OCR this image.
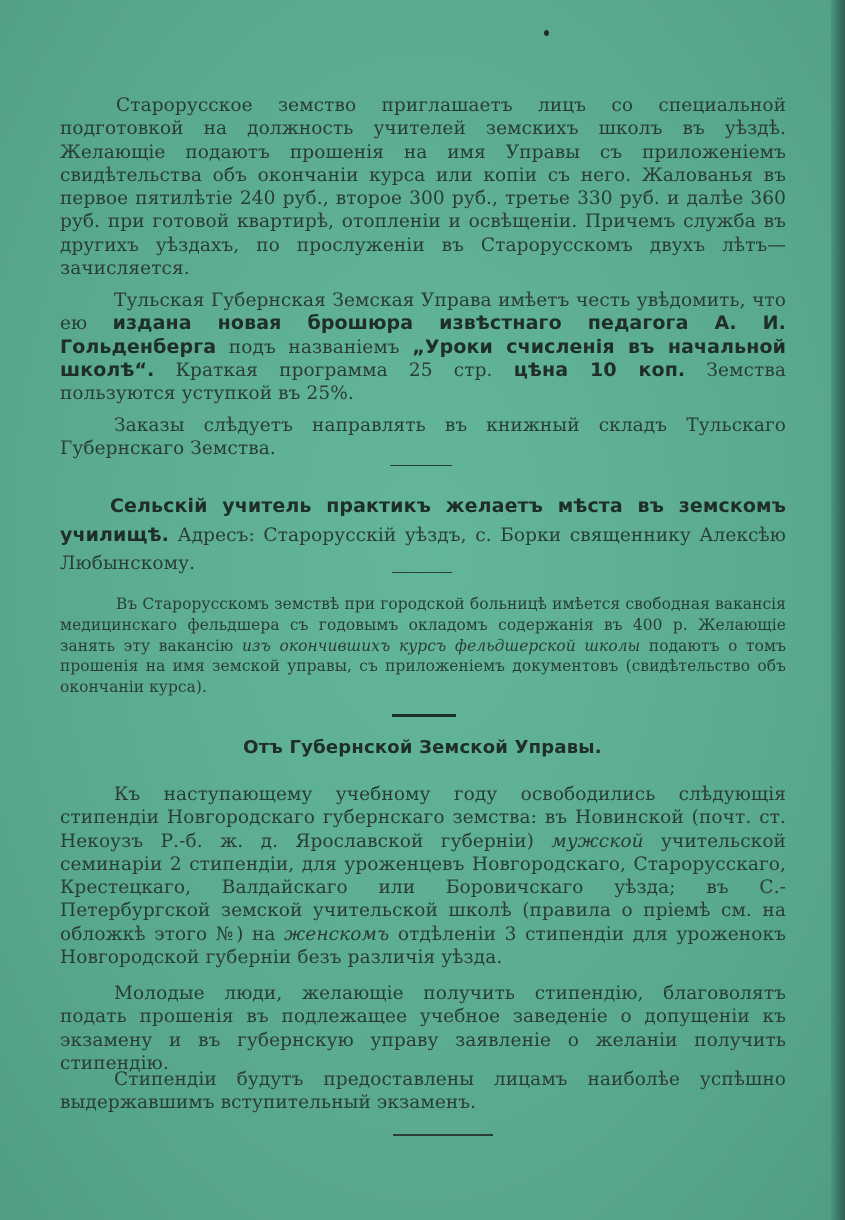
Старорусское земство приглашаетъ лицъ со специальной подготовкой на должность учителей земскихъ школъ въ уѣздѣ. Желающіе подаютъ прошенія на имя Управы съ приложеніемъ свидѣтельства объ окончаніи курса или копіи съ него. Жалованья въ первое пятилѣтіе 240 руб., второе 300 руб., третье 330 руб. и далѣе 360 руб. при готовой квартирѣ, отопленіи и освѣщеніи. Причемъ служба въ другихъ уѣздахъ, по прослуженіи въ Старорусскомъ двухъ лѣтъ—зачисляется.

Тульская Губернская Земская Управа имѣетъ честь увѣдомить, что ею издана новая брошюра извѣстнаго педагога А. И. Гольденберга подъ названіемъ „Уроки счисленія въ начальной школѣ“. Краткая программа 25 стр. цѣна 10 коп. Земства пользуются уступкой въ 25%.

Заказы слѣдуетъ направлять въ книжный складъ Тульскаго Губернскаго Земства.

Сельскій учитель практикъ желаетъ мѣста въ земскомъ училищѣ. Адресъ: Старорусскій уѣздъ, с. Борки священнику Алексѣю Любынскому.

Въ Старорусскомъ земствѣ при городской больницѣ имѣется свободная вакансія медицинскаго фельдшера съ годовымъ окладомъ содержанія въ 400 р. Желающіе занять эту вакансію изъ окончившихъ курсъ фельдшерской школы подаютъ о томъ прошенія на имя земской управы, съ приложеніемъ документовъ (свидѣтельство объ окончаніи курса).

Отъ Губернской Земской Управы.

Къ наступающему учебному году освободились слѣдующія стипендіи Новгородскаго губернскаго земства: въ Новинской (почт. ст. Некоузъ Р.-б. ж. д. Ярославской губерніи) мужской учительской семинаріи 2 стипендіи, для уроженцевъ Новгородскаго, Старорусскаго, Крестецкаго, Валдайскаго или Боровичскаго уѣзда; въ С.-Петербургской земской учительской школѣ (правила о пріемѣ см. на обложкѣ этого №) на женскомъ отдѣленіи 3 стипендіи для уроженокъ Новгородской губерніи безъ различія уѣзда.

Молодые люди, желающіе получить стипендію, благоволятъ подать прошенія въ подлежащее учебное заведеніе о допущеніи къ экзамену и въ губернскую управу заявленіе о желаніи получить стипендію.

Стипендіи будутъ предоставлены лицамъ наиболѣе успѣшно выдержавшимъ вступительный экзаменъ.
